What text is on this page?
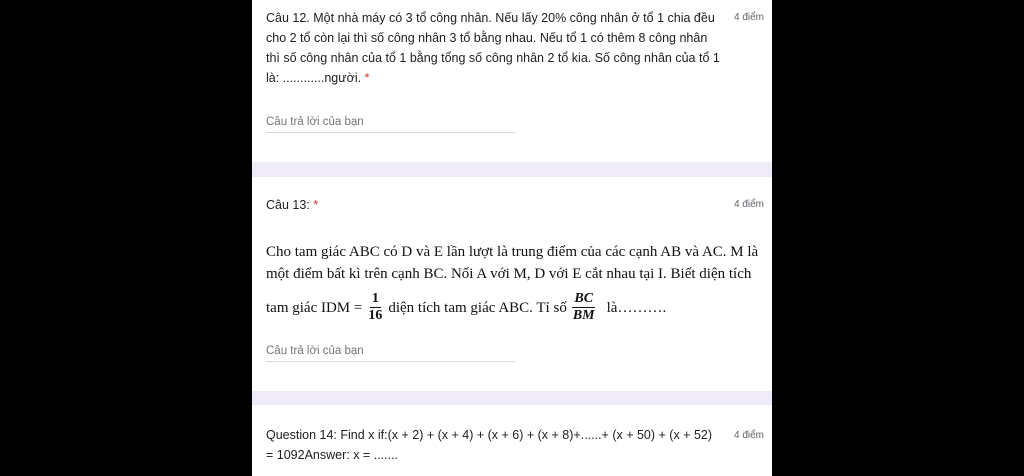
Câu 12. Một nhà máy có 3 tổ công nhân. Nếu lấy 20% công nhân ở tổ 1 chia đều cho 2 tổ còn lại thì số công nhân 3 tổ bằng nhau. Nếu tổ 1 có thêm 8 công nhân thì số công nhân của tổ 1 bằng tổng số công nhân 2 tổ kia. Số công nhân của tổ 1 là: ............người. *
4 điểm
Câu trả lời của bạn
Câu 13: *	4 điểm
Cho tam giác ABC có D và E lần lượt là trung điểm của các cạnh AB và AC. M là một điểm bất kì trên cạnh BC. Nối A với M, D với E cắt nhau tại I. Biết diện tích
tam giác IDM = $\frac{1}{16}$ diện tích tam giác ABC. Tỉ số $\frac{BC}{BM}$ là……….
Câu trả lời của bạn
Question 14: Find x if:(x + 2) + (x + 4) + (x + 6) + (x + 8)+......+ (x + 50) + (x + 52) = 1092Answer: x = .......
4 điểm
